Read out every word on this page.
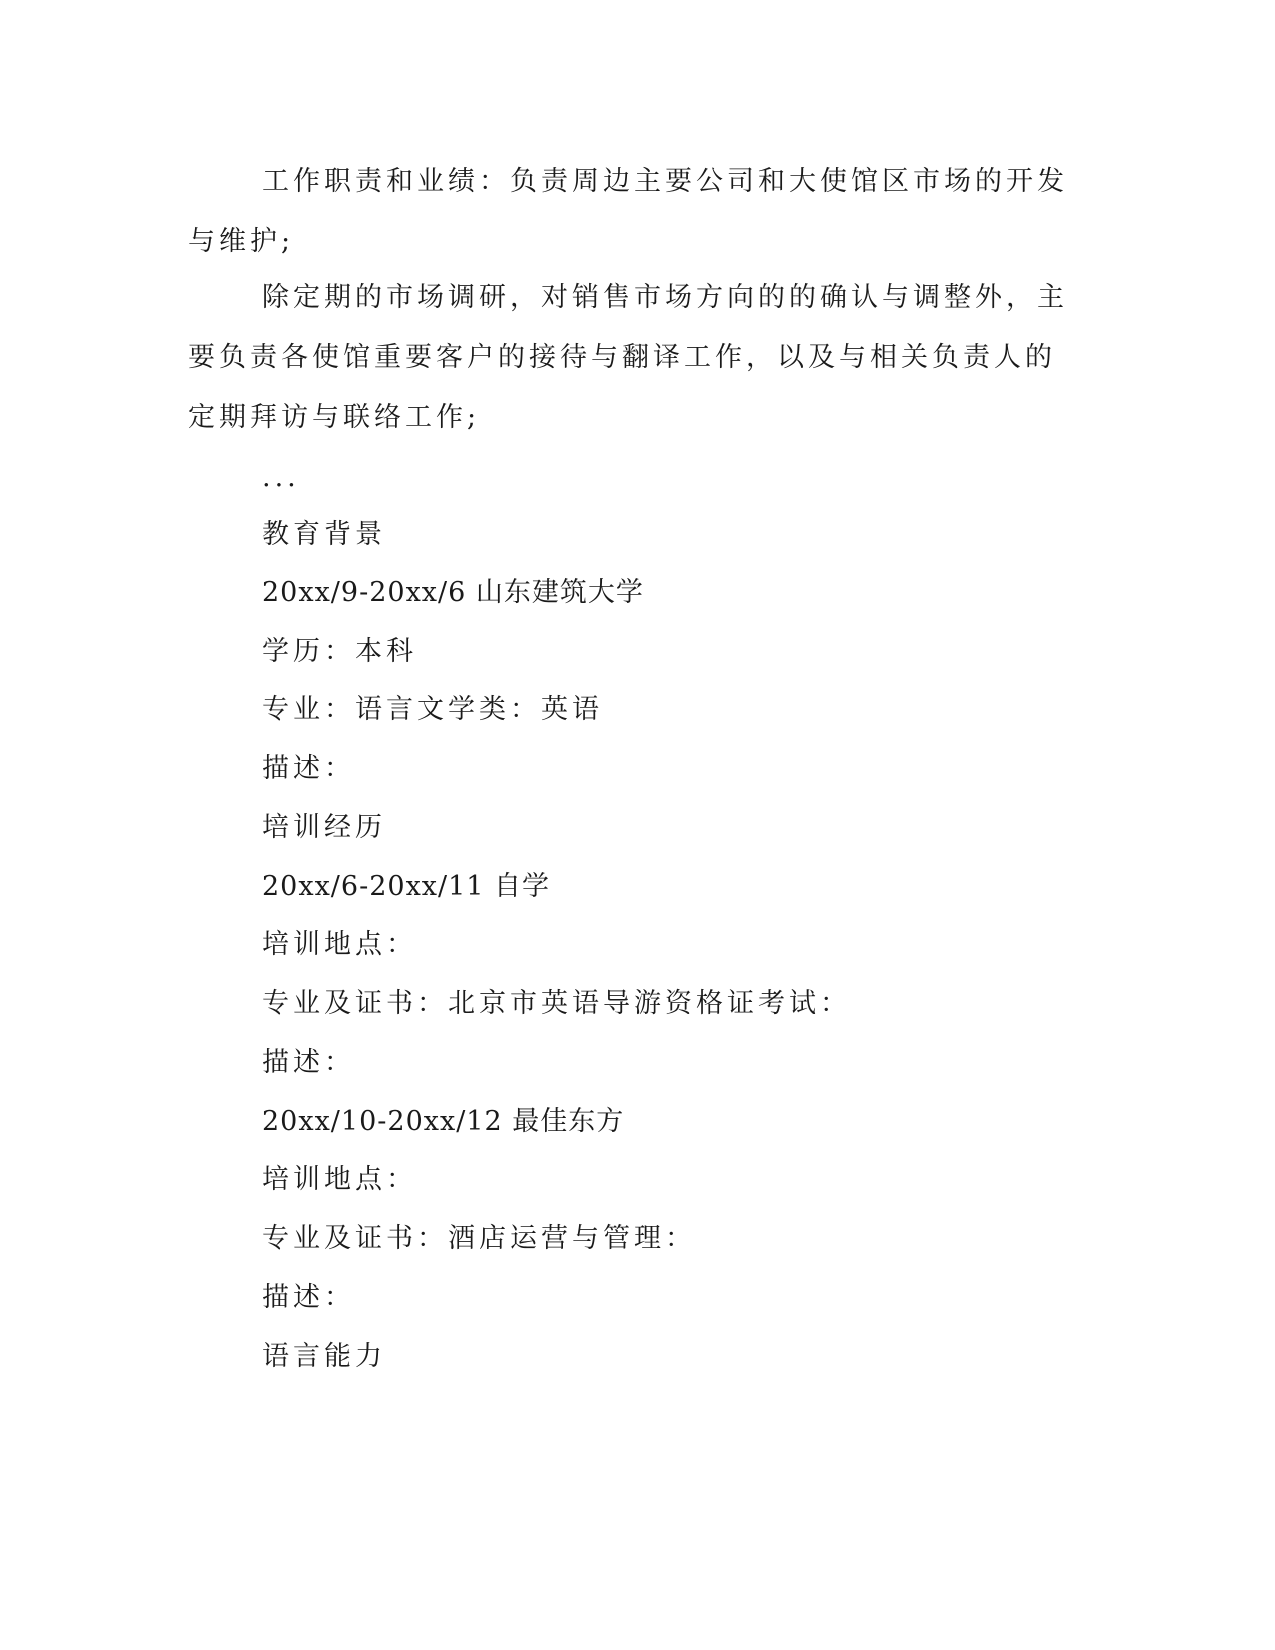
工作职责和业绩：负责周边主要公司和大使馆区市场的开发与维护;

除定期的市场调研，对销售市场方向的的确认与调整外，主要负责各使馆重要客户的接待与翻译工作，以及与相关负责人的定期拜访与联络工作;

...

教育背景

20xx/9-20xx/6 山东建筑大学

学历：本科

专业：语言文学类：英语

描述：

培训经历

20xx/6-20xx/11 自学

培训地点：

专业及证书：北京市英语导游资格证考试：

描述：

20xx/10-20xx/12 最佳东方

培训地点：

专业及证书：酒店运营与管理：

描述：

语言能力
